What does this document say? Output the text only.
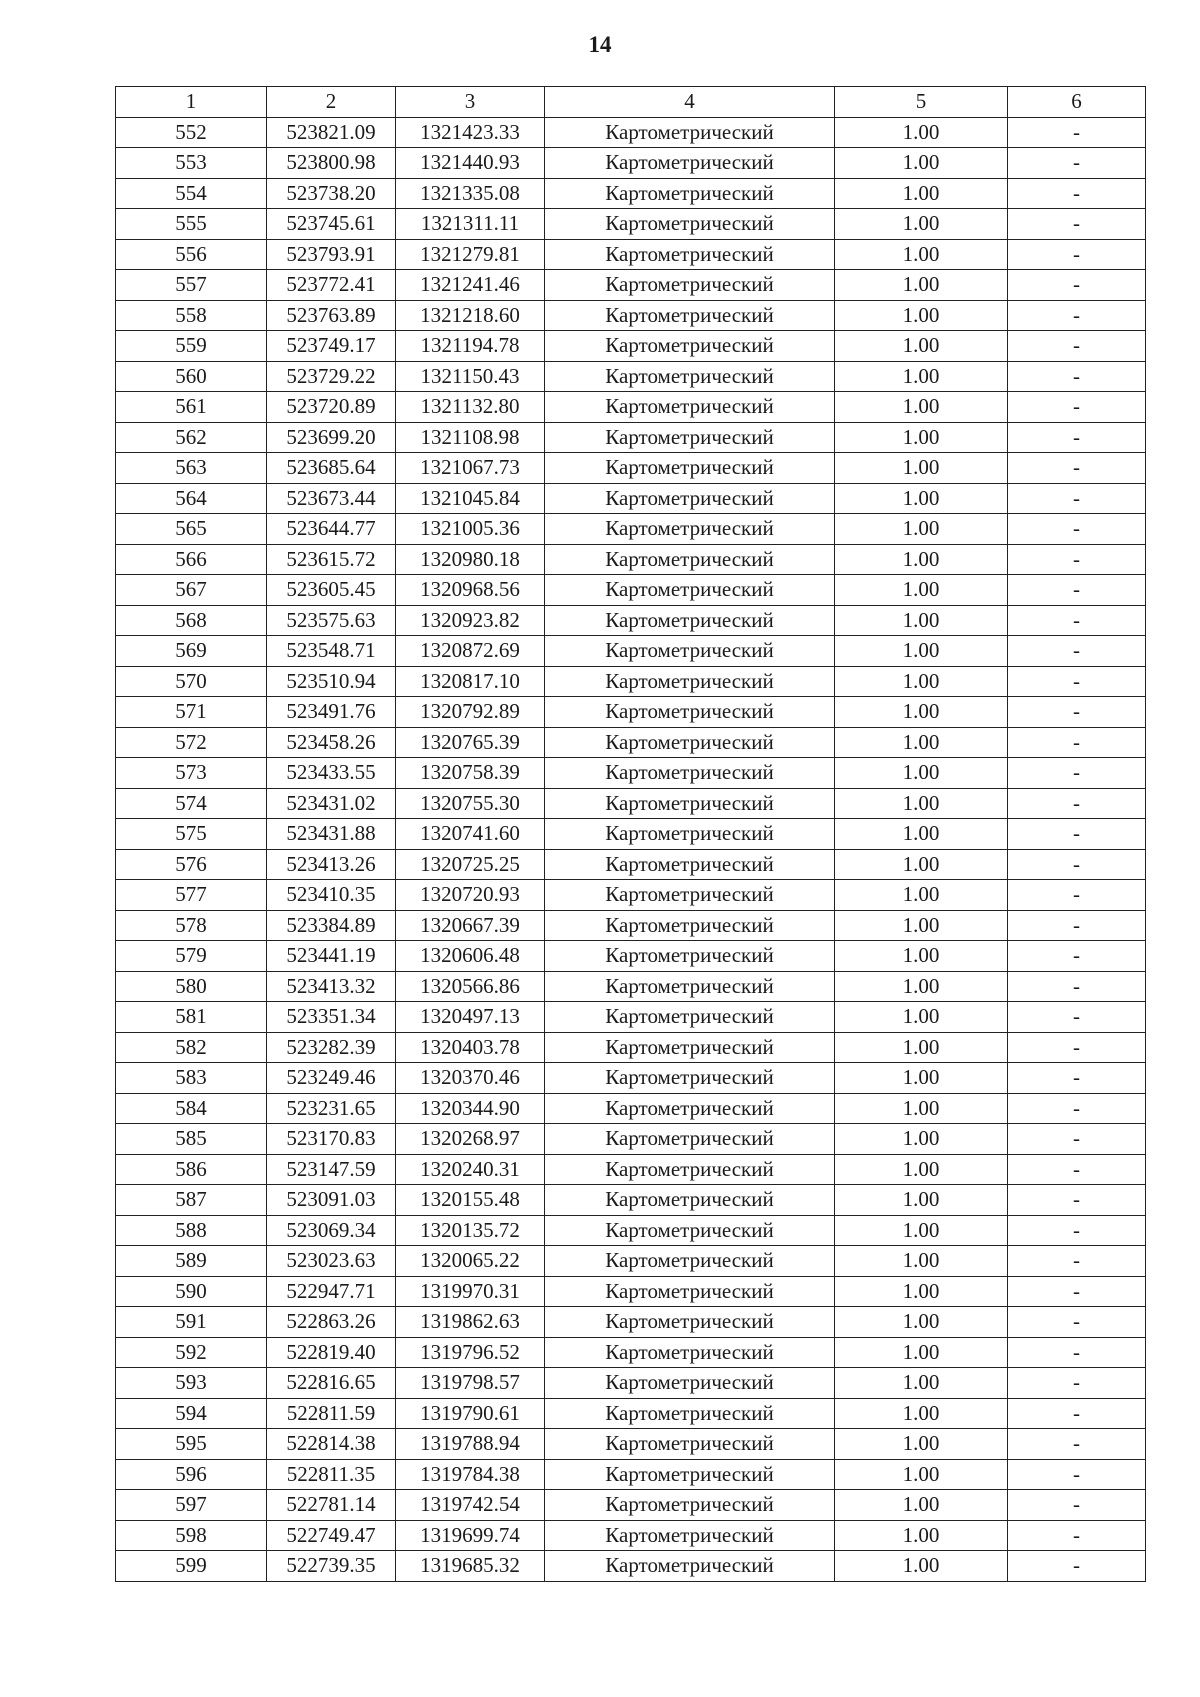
14
1	2	3	4	5	6
552	523821.09	1321423.33	Картометрический	1.00	-
553	523800.98	1321440.93	Картометрический	1.00	-
554	523738.20	1321335.08	Картометрический	1.00	-
555	523745.61	1321311.11	Картометрический	1.00	-
556	523793.91	1321279.81	Картометрический	1.00	-
557	523772.41	1321241.46	Картометрический	1.00	-
558	523763.89	1321218.60	Картометрический	1.00	-
559	523749.17	1321194.78	Картометрический	1.00	-
560	523729.22	1321150.43	Картометрический	1.00	-
561	523720.89	1321132.80	Картометрический	1.00	-
562	523699.20	1321108.98	Картометрический	1.00	-
563	523685.64	1321067.73	Картометрический	1.00	-
564	523673.44	1321045.84	Картометрический	1.00	-
565	523644.77	1321005.36	Картометрический	1.00	-
566	523615.72	1320980.18	Картометрический	1.00	-
567	523605.45	1320968.56	Картометрический	1.00	-
568	523575.63	1320923.82	Картометрический	1.00	-
569	523548.71	1320872.69	Картометрический	1.00	-
570	523510.94	1320817.10	Картометрический	1.00	-
571	523491.76	1320792.89	Картометрический	1.00	-
572	523458.26	1320765.39	Картометрический	1.00	-
573	523433.55	1320758.39	Картометрический	1.00	-
574	523431.02	1320755.30	Картометрический	1.00	-
575	523431.88	1320741.60	Картометрический	1.00	-
576	523413.26	1320725.25	Картометрический	1.00	-
577	523410.35	1320720.93	Картометрический	1.00	-
578	523384.89	1320667.39	Картометрический	1.00	-
579	523441.19	1320606.48	Картометрический	1.00	-
580	523413.32	1320566.86	Картометрический	1.00	-
581	523351.34	1320497.13	Картометрический	1.00	-
582	523282.39	1320403.78	Картометрический	1.00	-
583	523249.46	1320370.46	Картометрический	1.00	-
584	523231.65	1320344.90	Картометрический	1.00	-
585	523170.83	1320268.97	Картометрический	1.00	-
586	523147.59	1320240.31	Картометрический	1.00	-
587	523091.03	1320155.48	Картометрический	1.00	-
588	523069.34	1320135.72	Картометрический	1.00	-
589	523023.63	1320065.22	Картометрический	1.00	-
590	522947.71	1319970.31	Картометрический	1.00	-
591	522863.26	1319862.63	Картометрический	1.00	-
592	522819.40	1319796.52	Картометрический	1.00	-
593	522816.65	1319798.57	Картометрический	1.00	-
594	522811.59	1319790.61	Картометрический	1.00	-
595	522814.38	1319788.94	Картометрический	1.00	-
596	522811.35	1319784.38	Картометрический	1.00	-
597	522781.14	1319742.54	Картометрический	1.00	-
598	522749.47	1319699.74	Картометрический	1.00	-
599	522739.35	1319685.32	Картометрический	1.00	-
